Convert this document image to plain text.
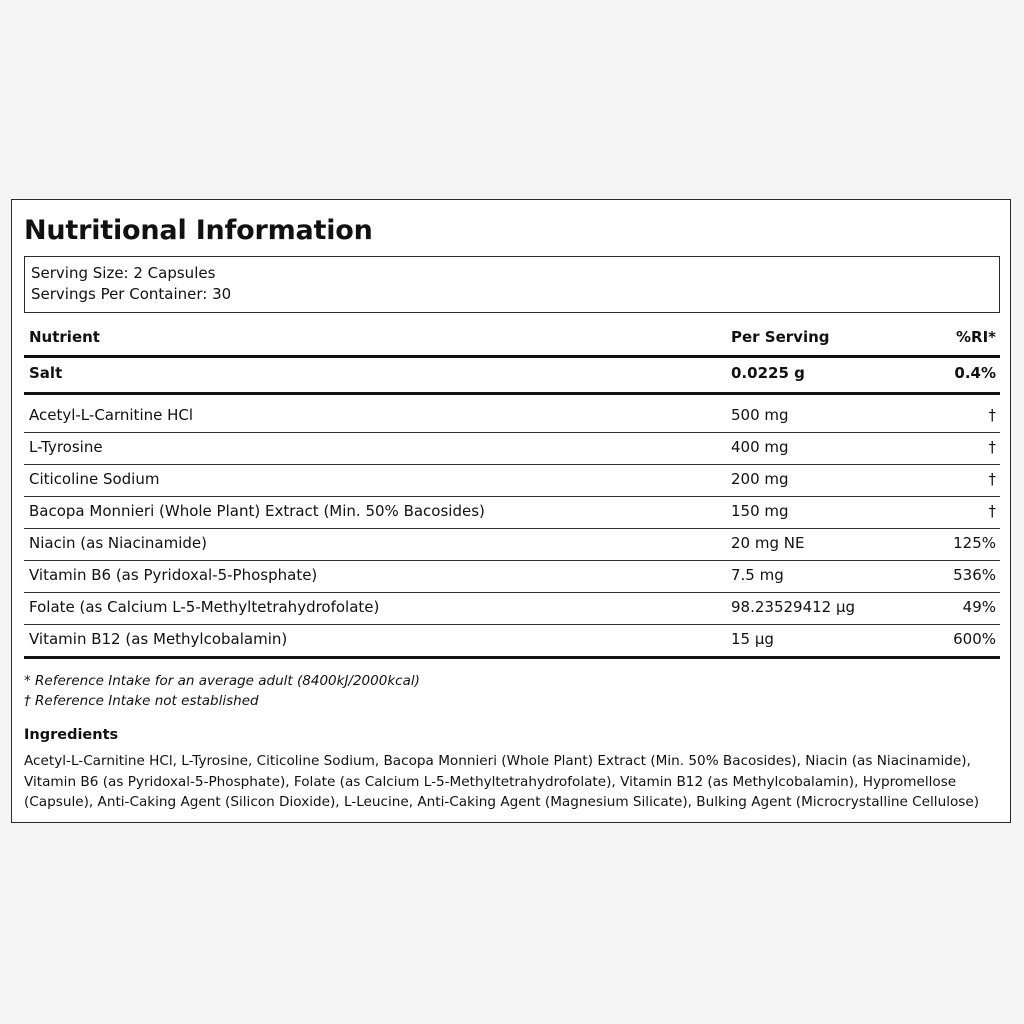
Nutritional Information
Serving Size: 2 Capsules
Servings Per Container: 30
Nutrient	Per Serving	%RI*
Salt	0.0225 g	0.4%
Acetyl-L-Carnitine HCl	500 mg	†
L-Tyrosine	400 mg	†
Citicoline Sodium	200 mg	†
Bacopa Monnieri (Whole Plant) Extract (Min. 50% Bacosides)	150 mg	†
Niacin (as Niacinamide)	20 mg NE	125%
Vitamin B6 (as Pyridoxal-5-Phosphate)	7.5 mg	536%
Folate (as Calcium L-5-Methyltetrahydrofolate)	98.23529412 µg	49%
Vitamin B12 (as Methylcobalamin)	15 µg	600%
* Reference Intake for an average adult (8400kJ/2000kcal)
† Reference Intake not established
Ingredients

Acetyl-L-Carnitine HCl, L-Tyrosine, Citicoline Sodium, Bacopa Monnieri (Whole Plant) Extract (Min. 50% Bacosides), Niacin (as Niacinamide), Vitamin B6 (as Pyridoxal-5-Phosphate), Folate (as Calcium L-5-Methyltetrahydrofolate), Vitamin B12 (as Methylcobalamin), Hypromellose (Capsule), Anti-Caking Agent (Silicon Dioxide), L-Leucine, Anti-Caking Agent (Magnesium Silicate), Bulking Agent (Microcrystalline Cellulose)
